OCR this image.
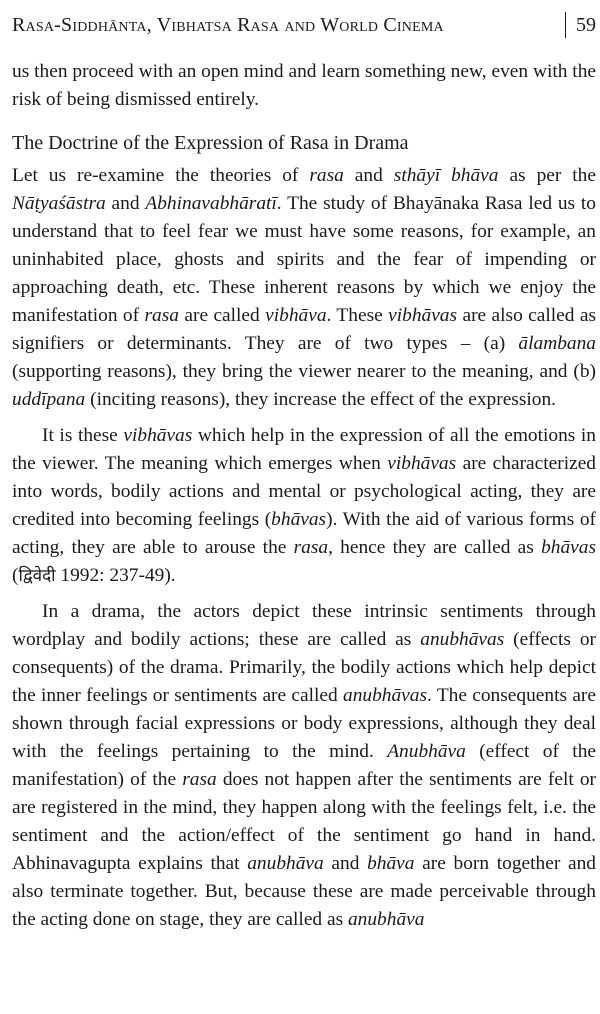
Rasa-Siddhānta, Vibhatsa Rasa and World Cinema	59

us then proceed with an open mind and learn something new, even with the risk of being dismissed entirely.

The Doctrine of the Expression of Rasa in Drama

Let us re-examine the theories of rasa and sthāyī bhāva as per the Nāṭyaśāstra and Abhinavabhāratī. The study of Bhayānaka Rasa led us to understand that to feel fear we must have some reasons, for example, an uninhabited place, ghosts and spirits and the fear of impending or approaching death, etc. These inherent reasons by which we enjoy the manifestation of rasa are called vibhāva. These vibhāvas are also called as signifiers or determinants. They are of two types – (a) ālambana (supporting reasons), they bring the viewer nearer to the meaning, and (b) uddīpana (inciting reasons), they increase the effect of the expression.

It is these vibhāvas which help in the expression of all the emotions in the viewer. The meaning which emerges when vibhāvas are characterized into words, bodily actions and mental or psychological acting, they are credited into becoming feelings (bhāvas). With the aid of various forms of acting, they are able to arouse the rasa, hence they are called as bhāvas (द्विवेदी 1992: 237-49).

In a drama, the actors depict these intrinsic sentiments through wordplay and bodily actions; these are called as anubhāvas (effects or consequents) of the drama. Primarily, the bodily actions which help depict the inner feelings or sentiments are called anubhāvas. The consequents are shown through facial expressions or body expressions, although they deal with the feelings pertaining to the mind. Anubhāva (effect of the manifestation) of the rasa does not happen after the sentiments are felt or are registered in the mind, they happen along with the feelings felt, i.e. the sentiment and the action/effect of the sentiment go hand in hand. Abhinavagupta explains that anubhāva and bhāva are born together and also terminate together. But, because these are made perceivable through the acting done on stage, they are called as anubhāva
